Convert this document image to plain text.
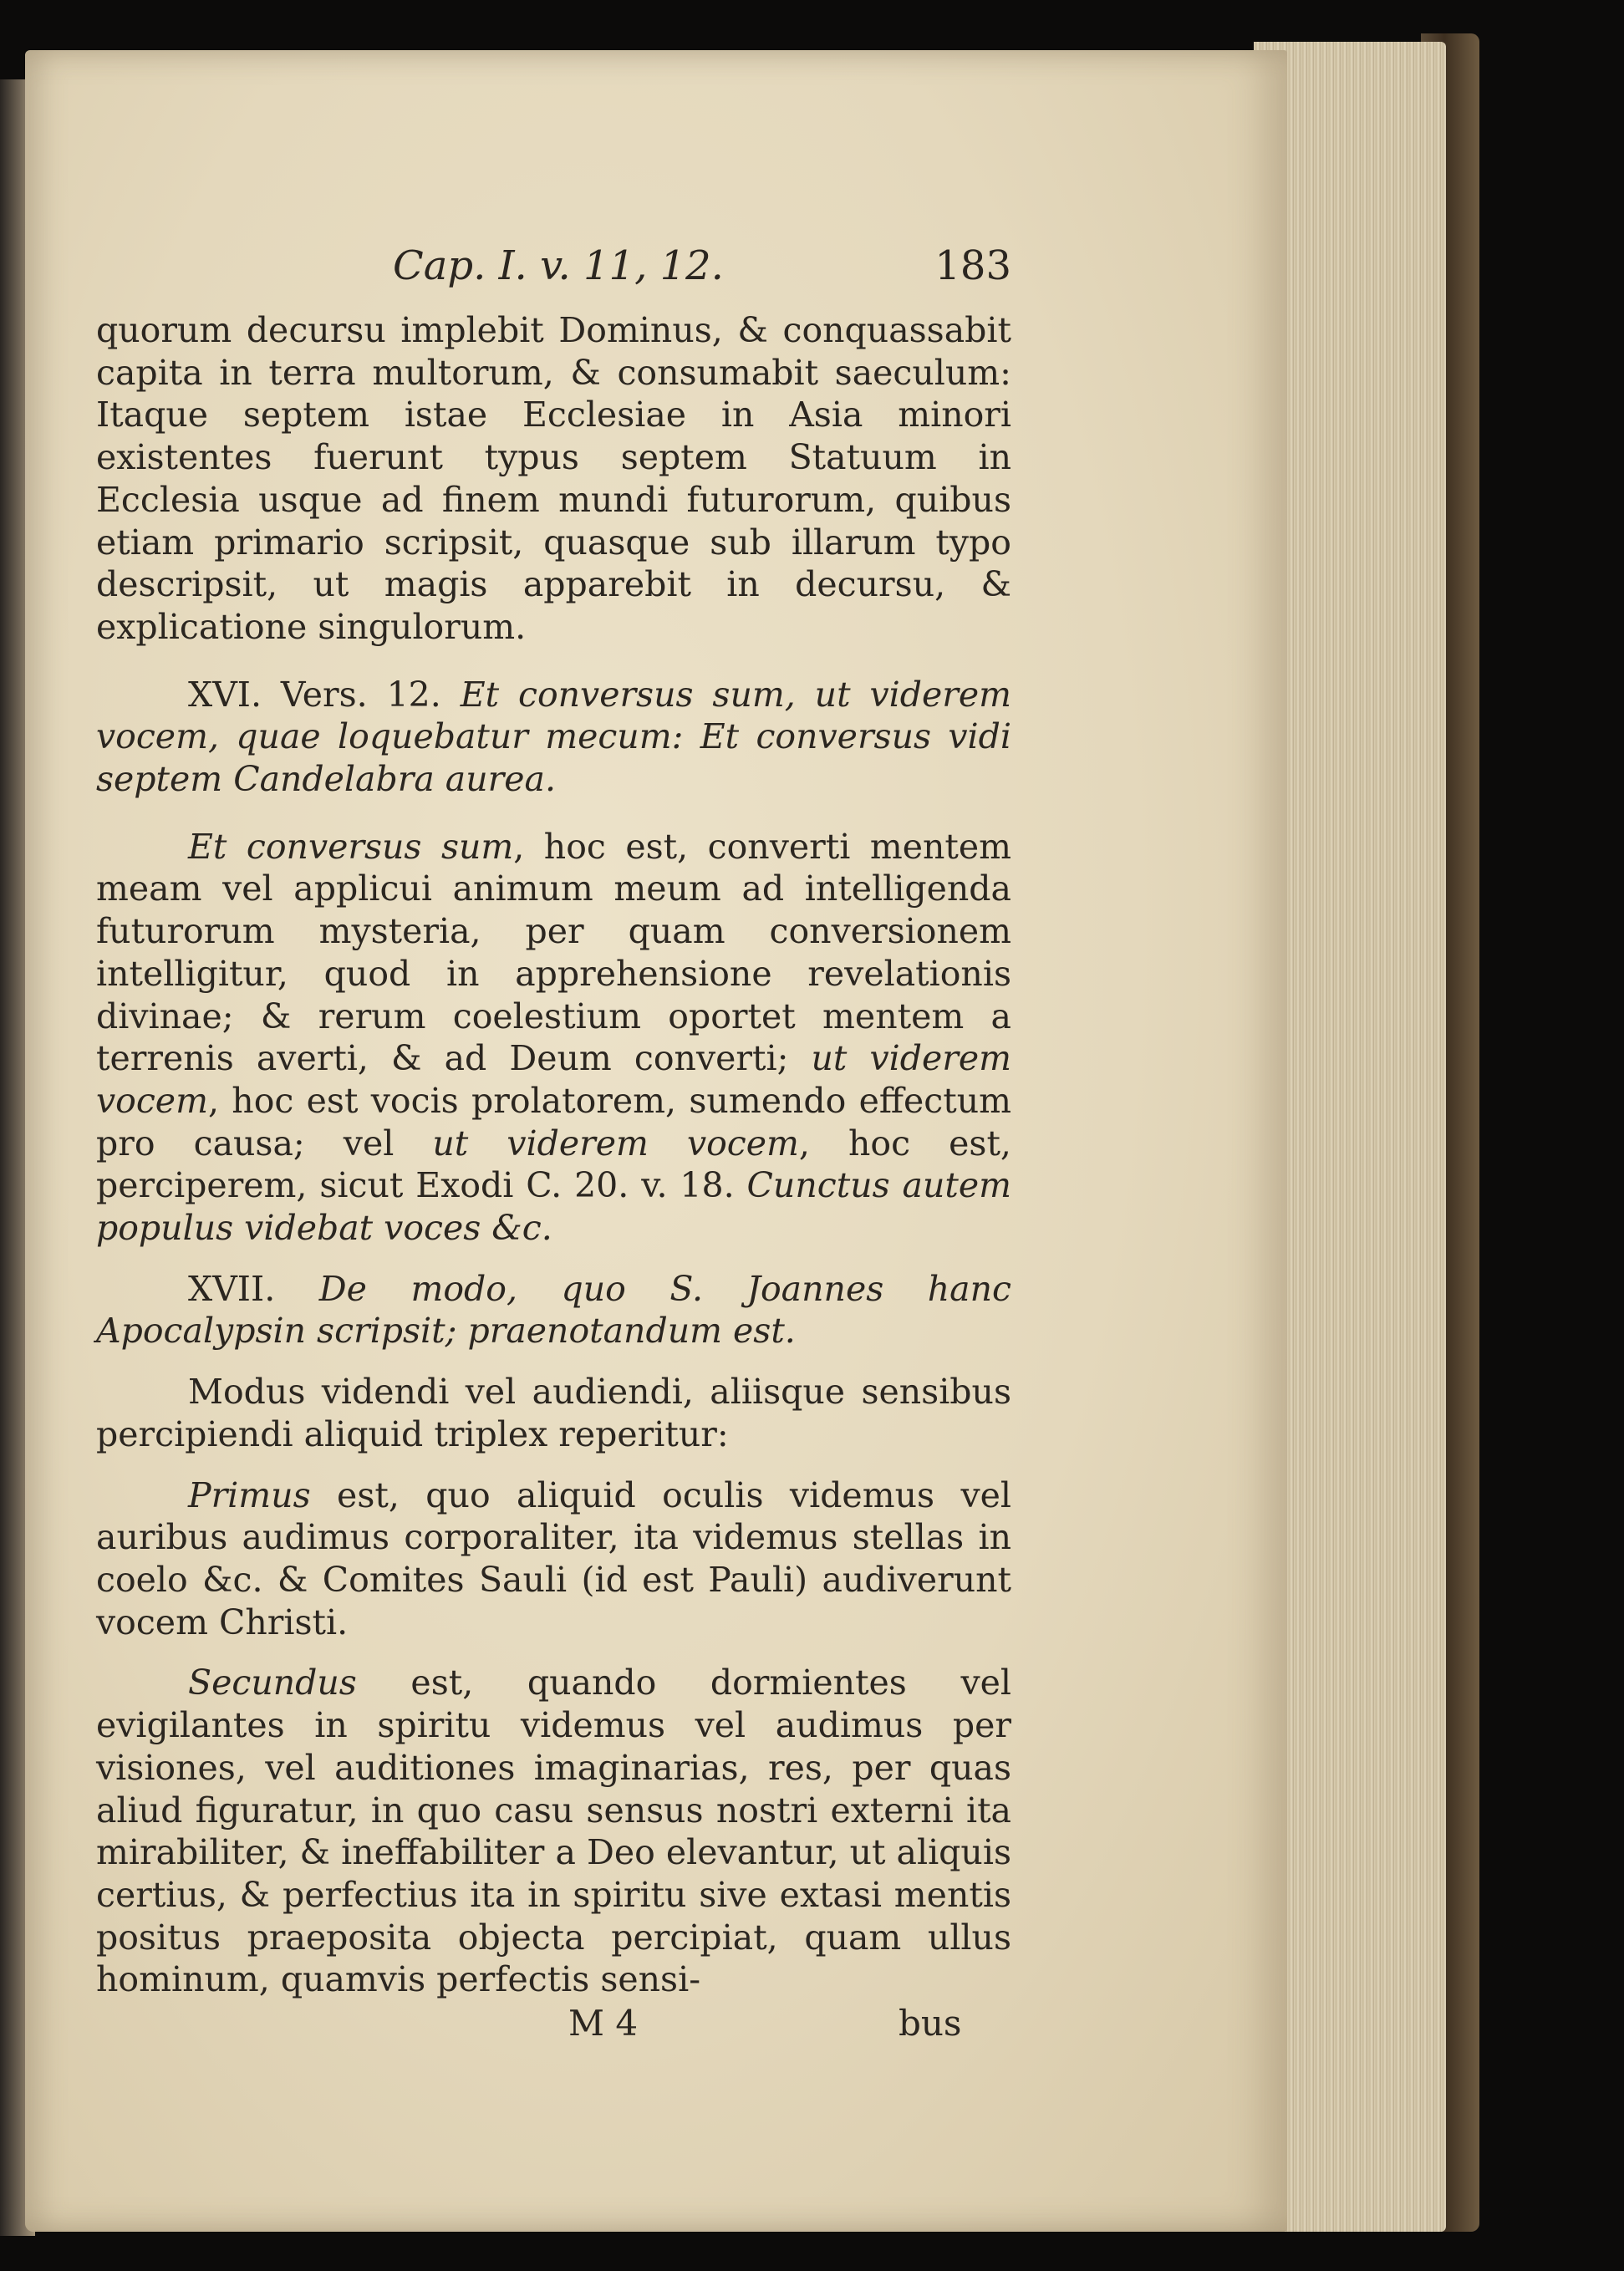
Cap. I. v. 11, 12.	183

quorum decursu implebit Dominus, & conquassabit capita in terra multorum, & consumabit saeculum: Itaque septem istae Ecclesiae in Asia minori existentes fuerunt typus septem Statuum in Ecclesia usque ad finem mundi futurorum, quibus etiam primario scripsit, quasque sub illarum typo descripsit, ut magis apparebit in decursu, & explicatione singulorum.

XVI. Vers. 12. Et conversus sum, ut viderem vocem, quae loquebatur mecum: Et conversus vidi septem Candelabra aurea.

Et conversus sum, hoc est, converti mentem meam vel applicui animum meum ad intelligenda futurorum mysteria, per quam conversionem intelligitur, quod in apprehensione revelationis divinae; & rerum coelestium oportet mentem a terrenis averti, & ad Deum converti; ut viderem vocem, hoc est vocis prolatorem, sumendo effectum pro causa; vel ut viderem vocem, hoc est, perciperem, sicut Exodi C. 20. v. 18. Cunctus autem populus videbat voces &c.

XVII. De modo, quo S. Joannes hanc Apocalypsin scripsit; praenotandum est.

Modus videndi vel audiendi, aliisque sensibus percipiendi aliquid triplex reperitur:

Primus est, quo aliquid oculis videmus vel auribus audimus corporaliter, ita videmus stellas in coelo &c. & Comites Sauli (id est Pauli) audiverunt vocem Christi.

Secundus est, quando dormientes vel evigilantes in spiritu videmus vel audimus per visiones, vel auditiones imaginarias, res, per quas aliud figuratur, in quo casu sensus nostri externi ita mirabiliter, & ineffabiliter a Deo elevantur, ut aliquis certius, & perfectius ita in spiritu sive extasi mentis positus praeposita objecta percipiat, quam ullus hominum, quamvis perfectis sensi-

M 4	bus
